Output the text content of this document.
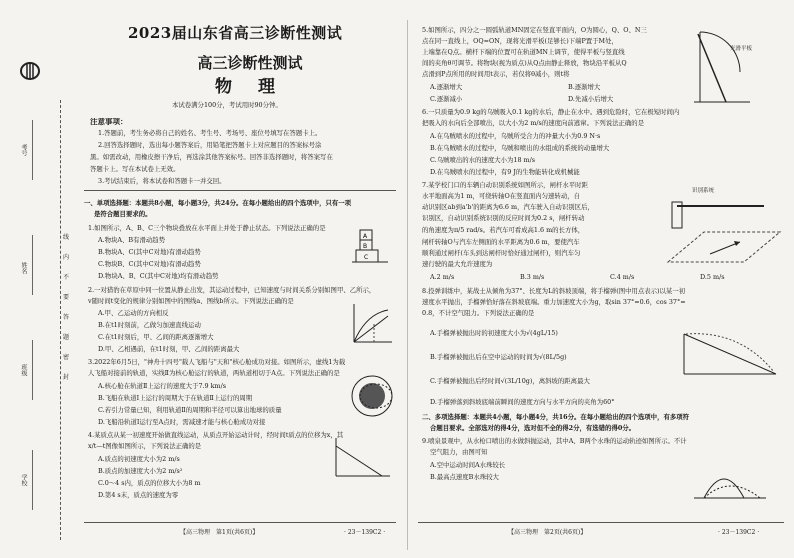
2023届山东省高三诊断性测试
考号
姓名
班级
学校
线
内
不
要
答
题
密
封
高三诊断性测试
物 理
本试卷满分100分，考试用时90分钟。
注意事项：
1.答题前，考生务必将自己的姓名、考生号、考场号、座位号填写在答题卡上。
2.回答选择题时，选出每小题答案后，用铅笔把答题卡上对应题目的答案标号涂
黑。如需改动，用橡皮擦干净后，再选涂其他答案标号。回答非选择题时，将答案写在
答题卡上。写在本试卷上无效。
3.考试结束后，将本试卷和答题卡一并交回。
一、单项选择题：本题共8小题，每小题3分，共24分。在每小题给出的四个选项中，只有一项
是符合题目要求的。
1.如图所示，A、B、C三个物块叠放在水平面上并处于静止状态。下列说法正确的是
A.物块A、B有滑动趋势
B.物块A、C(其中C对地)有滑动趋势
C.物块B、C(其中C对地)有滑动趋势
D.物块A、B、C(其中C对地)均有滑动趋势
2.一对猎豹在草原中同一位置从静止出发，其运动过程中，已知速度与时间关系分别如图甲、乙所示，
v随时间t变化的规律分别如图中的图线a、图线b所示。下列说法正确的是
A.甲、乙运动的方向相反
B.在t1时刻前，乙做匀加速直线运动
C.在t1时刻后，甲、乙间的距离逐渐增大
D.甲、乙相遇前，在t1时刻，甲、乙间的距离最大
3.2022年6月5日，"神舟十四号"载人飞船与"天和"核心舱成功对接。如图所示，虚线1为载
人飞船对接前的轨道，实线Ⅱ为核心舱运行的轨道，两轨道相切于A点。下列说法正确的是
A.核心舱在轨道Ⅱ上运行的速度大于7.9 km/s
B.飞船在轨道Ⅰ上运行的周期大于在轨道Ⅱ上运行的周期
C.若引力常量已知，利用轨道Ⅱ的周期和半径可以算出地球的质量
D.飞船沿轨道Ⅰ运行至A点时，需减速才能与核心舱成功对接
4.某质点从某一初速度开始做直线运动，从质点开始运动计时，经时间t质点的位移为x，其
x/t—t图像如图所示，下列说法正确的是
A.质点的初速度大小为2 m/s
B.质点的加速度大小为2 m/s²
C.0～4 s内，质点的位移大小为8 m
D.第4 s末，质点的速度为零
A
B
C
【高三物理　第1页(共6页)】	· 23－139C2 ·
5.如图所示，四分之一圆弧轨道MN固定在竖直平面内，O为圆心，Q、O、N三
点在同一直线上，OQ=ON，现将光滑平板(足够长)下端P置于M处，
上端靠在Q点。横杆下端的位置可在轨道MN上调节，使得平板与竖直线
间的夹角θ可调节。将物块(视为质点)从Q点由静止释放，物块沿平板从Q
点滑到P点所用的时间用t表示，若仅将θ减小，则t将
A.逐渐增大	B.逐渐增大
C.逐渐减小	D.先减小后增大
6.一只质量为0.9 kg的乌贼吸入0.1 kg的水后，静止在水中。遇到危险时，它在极短时间内
把吸入的水向后全部喷出，以大小为2 m/s的速度向前逃窜。下列说法正确的是
A.在乌贼喷水的过程中，乌贼所受合力的冲量大小为0.9 N·s
B.在乌贼喷水的过程中，乌贼和喷出的水组成的系统的动量增大
C.乌贼喷出的水的速度大小为18 m/s
D.在乌贼喷水的过程中，有9 J的生物能转化成机械能
7.某学校门口的车辆自动识别系统如图所示，闸杆水平时距
水平地面高为1 m，可绕转轴O在竖直面内匀速转动，自
动识别区ab到a'b'的距离为6.6 m，汽车驶入自动识别区后，
识别区，自动识别系统识别的反应时间为0.2 s，闸杆转动
的角速度为π/5 rad/s。若汽车可看成高1.6 m的长方体，
闸杆转轴O与汽车左侧面的水平距离为0.6 m，要使汽车
顺利通过闸杆(车头到达闸杆时恰好通过闸杆)，则汽车匀
速行驶的最大允许速度为
A.2 m/s	B.3 m/s	C.4 m/s	D.5 m/s
8.投弹训练中，某战士从倾角为37°、长度为L的斜坡顶端，将手榴弹(图中用点表示)以某一初
速度水平抛出，手榴弹恰好落在斜坡底端。重力加速度大小为g，取sin 37°=0.6，cos 37°=
0.8，不计空气阻力。下列说法正确的是
A.手榴弹被抛出时的初速度大小为√(4gL/15)
B.手榴弹被抛出后在空中运动的时间为√(8L/5g)
C.手榴弹被抛出后经时间√(3L/10g)，离斜坡的距离最大
D.手榴弹落到斜坡底端前瞬间的速度方向与水平方向的夹角为60°
二、多项选择题：本题共4小题，每小题4分，共16分。在每小题给出的四个选项中，有多项符
合题目要求。全部选对的得4分，选对但不全的得2分，有选错的得0分。
9.喷泉景观中，从水枪口喷出的水做斜抛运动，其中A、B两个水珠的运动轨迹如图所示。不计
空气阻力，由图可知
A.空中运动时间A水珠较长
B.最高点速度B水珠较大
光滑平板
识别系统
【高三物理　第2页(共6页)】	· 23－139C2 ·
